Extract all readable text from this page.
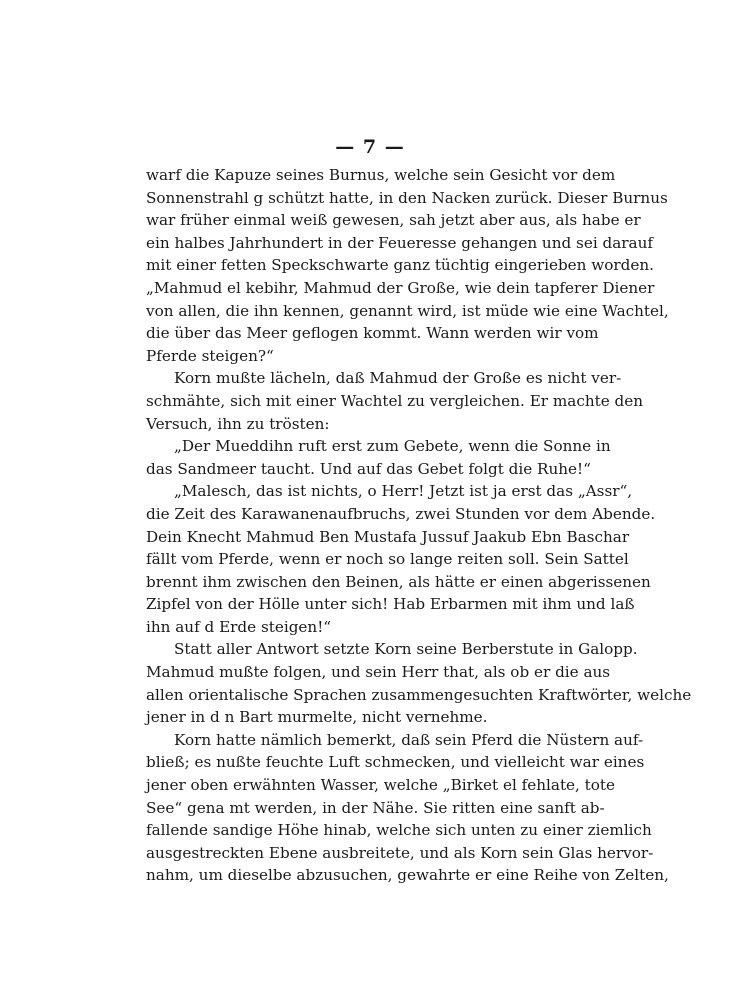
— 7 —
warf die Kapuze seines Burnus, welche sein Gesicht vor dem
Sonnenstrahl g schützt hatte, in den Nacken zurück. Dieser Burnus
war früher einmal weiß gewesen, sah jetzt aber aus, als habe er
ein halbes Jahrhundert in der Feueresse gehangen und sei darauf
mit einer fetten Speckschwarte ganz tüchtig eingerieben worden.
„Mahmud el kebihr, Mahmud der Große, wie dein tapferer Diener
von allen, die ihn kennen, genannt wird, ist müde wie eine Wachtel,
die über das Meer geflogen kommt. Wann werden wir vom
Pferde steigen?“
Korn mußte lächeln, daß Mahmud der Große es nicht ver-
schmähte, sich mit einer Wachtel zu vergleichen. Er machte den
Versuch, ihn zu trösten:
„Der Mueddihn ruft erst zum Gebete, wenn die Sonne in
das Sandmeer taucht. Und auf das Gebet folgt die Ruhe!“
„Malesch, das ist nichts, o Herr! Jetzt ist ja erst das „Assr“,
die Zeit des Karawanenaufbruchs, zwei Stunden vor dem Abende.
Dein Knecht Mahmud Ben Mustafa Jussuf Jaakub Ebn Baschar
fällt vom Pferde, wenn er noch so lange reiten soll. Sein Sattel
brennt ihm zwischen den Beinen, als hätte er einen abgerissenen
Zipfel von der Hölle unter sich! Hab Erbarmen mit ihm und laß
ihn auf d Erde steigen!“
Statt aller Antwort setzte Korn seine Berberstute in Galopp.
Mahmud mußte folgen, und sein Herr that, als ob er die aus
allen orientalische Sprachen zusammengesuchten Kraftwörter, welche
jener in d n Bart murmelte, nicht vernehme.
Korn hatte nämlich bemerkt, daß sein Pferd die Nüstern auf-
bließ; es nußte feuchte Luft schmecken, und vielleicht war eines
jener oben erwähnten Wasser, welche „Birket el fehlate, tote
See“ gena mt werden, in der Nähe. Sie ritten eine sanft ab-
fallende sandige Höhe hinab, welche sich unten zu einer ziemlich
ausgestreckten Ebene ausbreitete, und als Korn sein Glas hervor-
nahm, um dieselbe abzusuchen, gewahrte er eine Reihe von Zelten,
